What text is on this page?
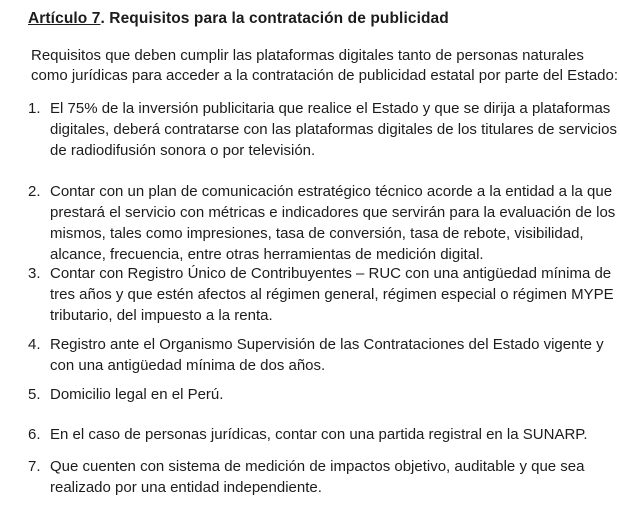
Artículo 7. Requisitos para la contratación de publicidad
Requisitos que deben cumplir las plataformas digitales tanto de personas naturales
como jurídicas para acceder a la contratación de publicidad estatal por parte del Estado:
1. El 75% de la inversión publicitaria que realice el Estado y que se dirija a plataformas
digitales, deberá contratarse con las plataformas digitales de los titulares de servicios
de radiodifusión sonora o por televisión.
2. Contar con un plan de comunicación estratégico técnico acorde a la entidad a la que
prestará el servicio con métricas e indicadores que servirán para la evaluación de los
mismos, tales como impresiones, tasa de conversión, tasa de rebote, visibilidad,
alcance, frecuencia, entre otras herramientas de medición digital.
3. Contar con Registro Único de Contribuyentes – RUC con una antigüedad mínima de
tres años y que estén afectos al régimen general, régimen especial o régimen MYPE
tributario, del impuesto a la renta.
4. Registro ante el Organismo Supervisión de las Contrataciones del Estado vigente y
con una antigüedad mínima de dos años.
5. Domicilio legal en el Perú.
6. En el caso de personas jurídicas, contar con una partida registral en la SUNARP.
7. Que cuenten con sistema de medición de impactos objetivo, auditable y que sea
realizado por una entidad independiente.
